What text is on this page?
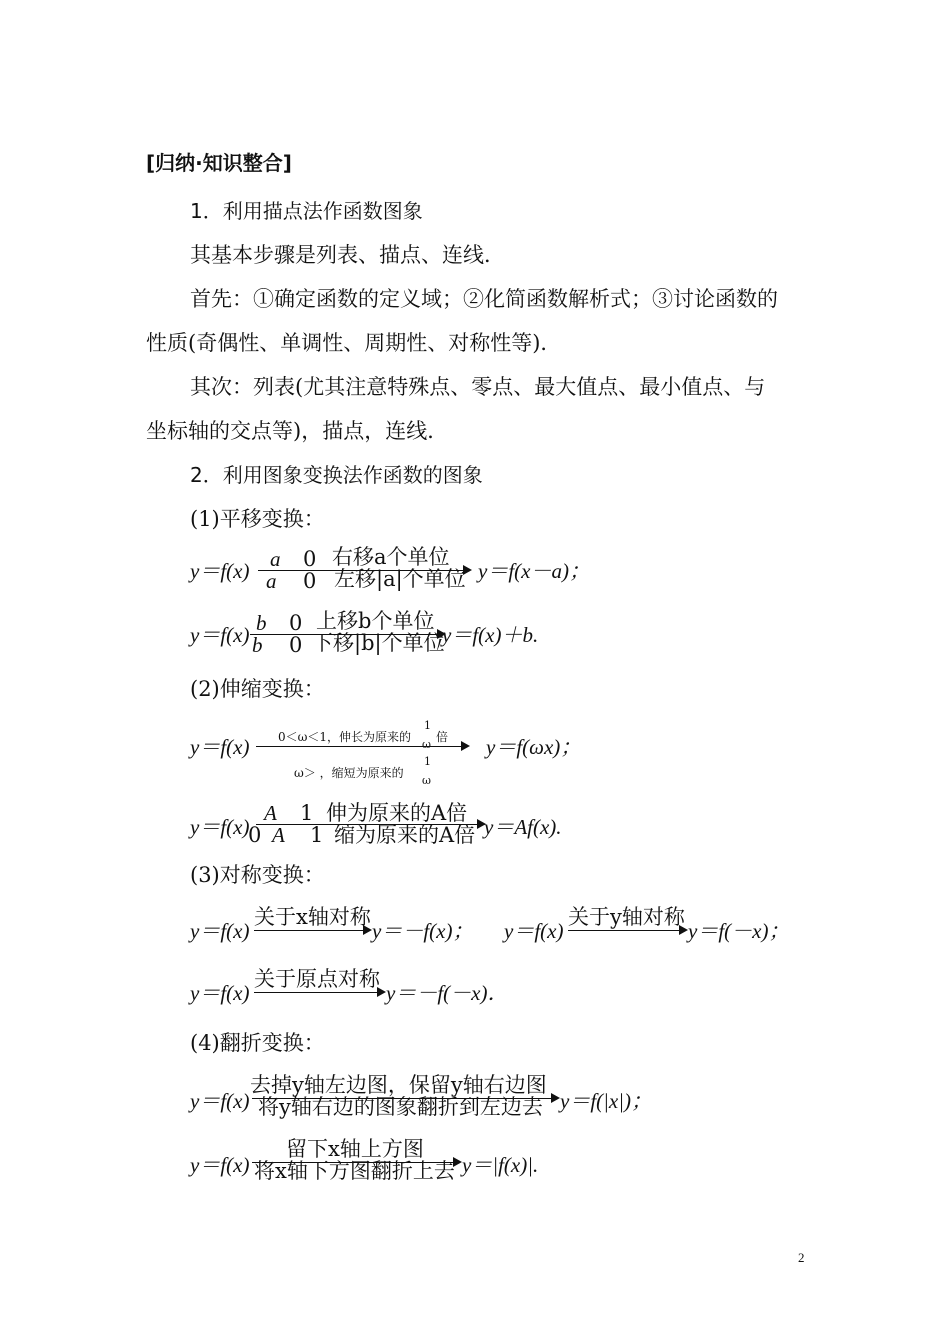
[归纳·知识整合]
1．利用描点法作函数图象
其基本步骤是列表、描点、连线．
首先：①确定函数的定义域；②化简函数解析式；③讨论函数的
性质(奇偶性、单调性、周期性、对称性等)．
其次：列表(尤其注意特殊点、零点、最大值点、最小值点、与
坐标轴的交点等)，描点，连线．
2．利用图象变换法作函数的图象
(1)平移变换：
y＝f(x) a
a
0
0
右移a个单位
左移|a|个单位 y＝f(x－a)；
y＝f(x) b
b
0
0
上移b个单位
下移|b|个单位
y＝f(x)＋b.
(2)伸缩变换：
y＝f(x) 0＜ω＜1，伸长为原来的
1
ω
倍
ω＞ ，缩短为原来的
1
ω
y＝f(ωx)；
y＝f(x)
0
A
A
1
1
伸为原来的A倍
缩为原来的A倍 y＝Af(x).
(3)对称变换：
y＝f(x)
关于x轴对称
y＝－f(x)； y＝f(x)
关于y轴对称
y＝f(－x)；
y＝f(x)
关于原点对称
y＝－f(－x)．
(4)翻折变换：
y＝f(x)
去掉y轴左边图，保留y轴右边图
将y轴右边的图象翻折到左边去 y＝f(|x|)；
y＝f(x)
留下x轴上方图
将x轴下方图翻折上去 y＝|f(x)|.
2
